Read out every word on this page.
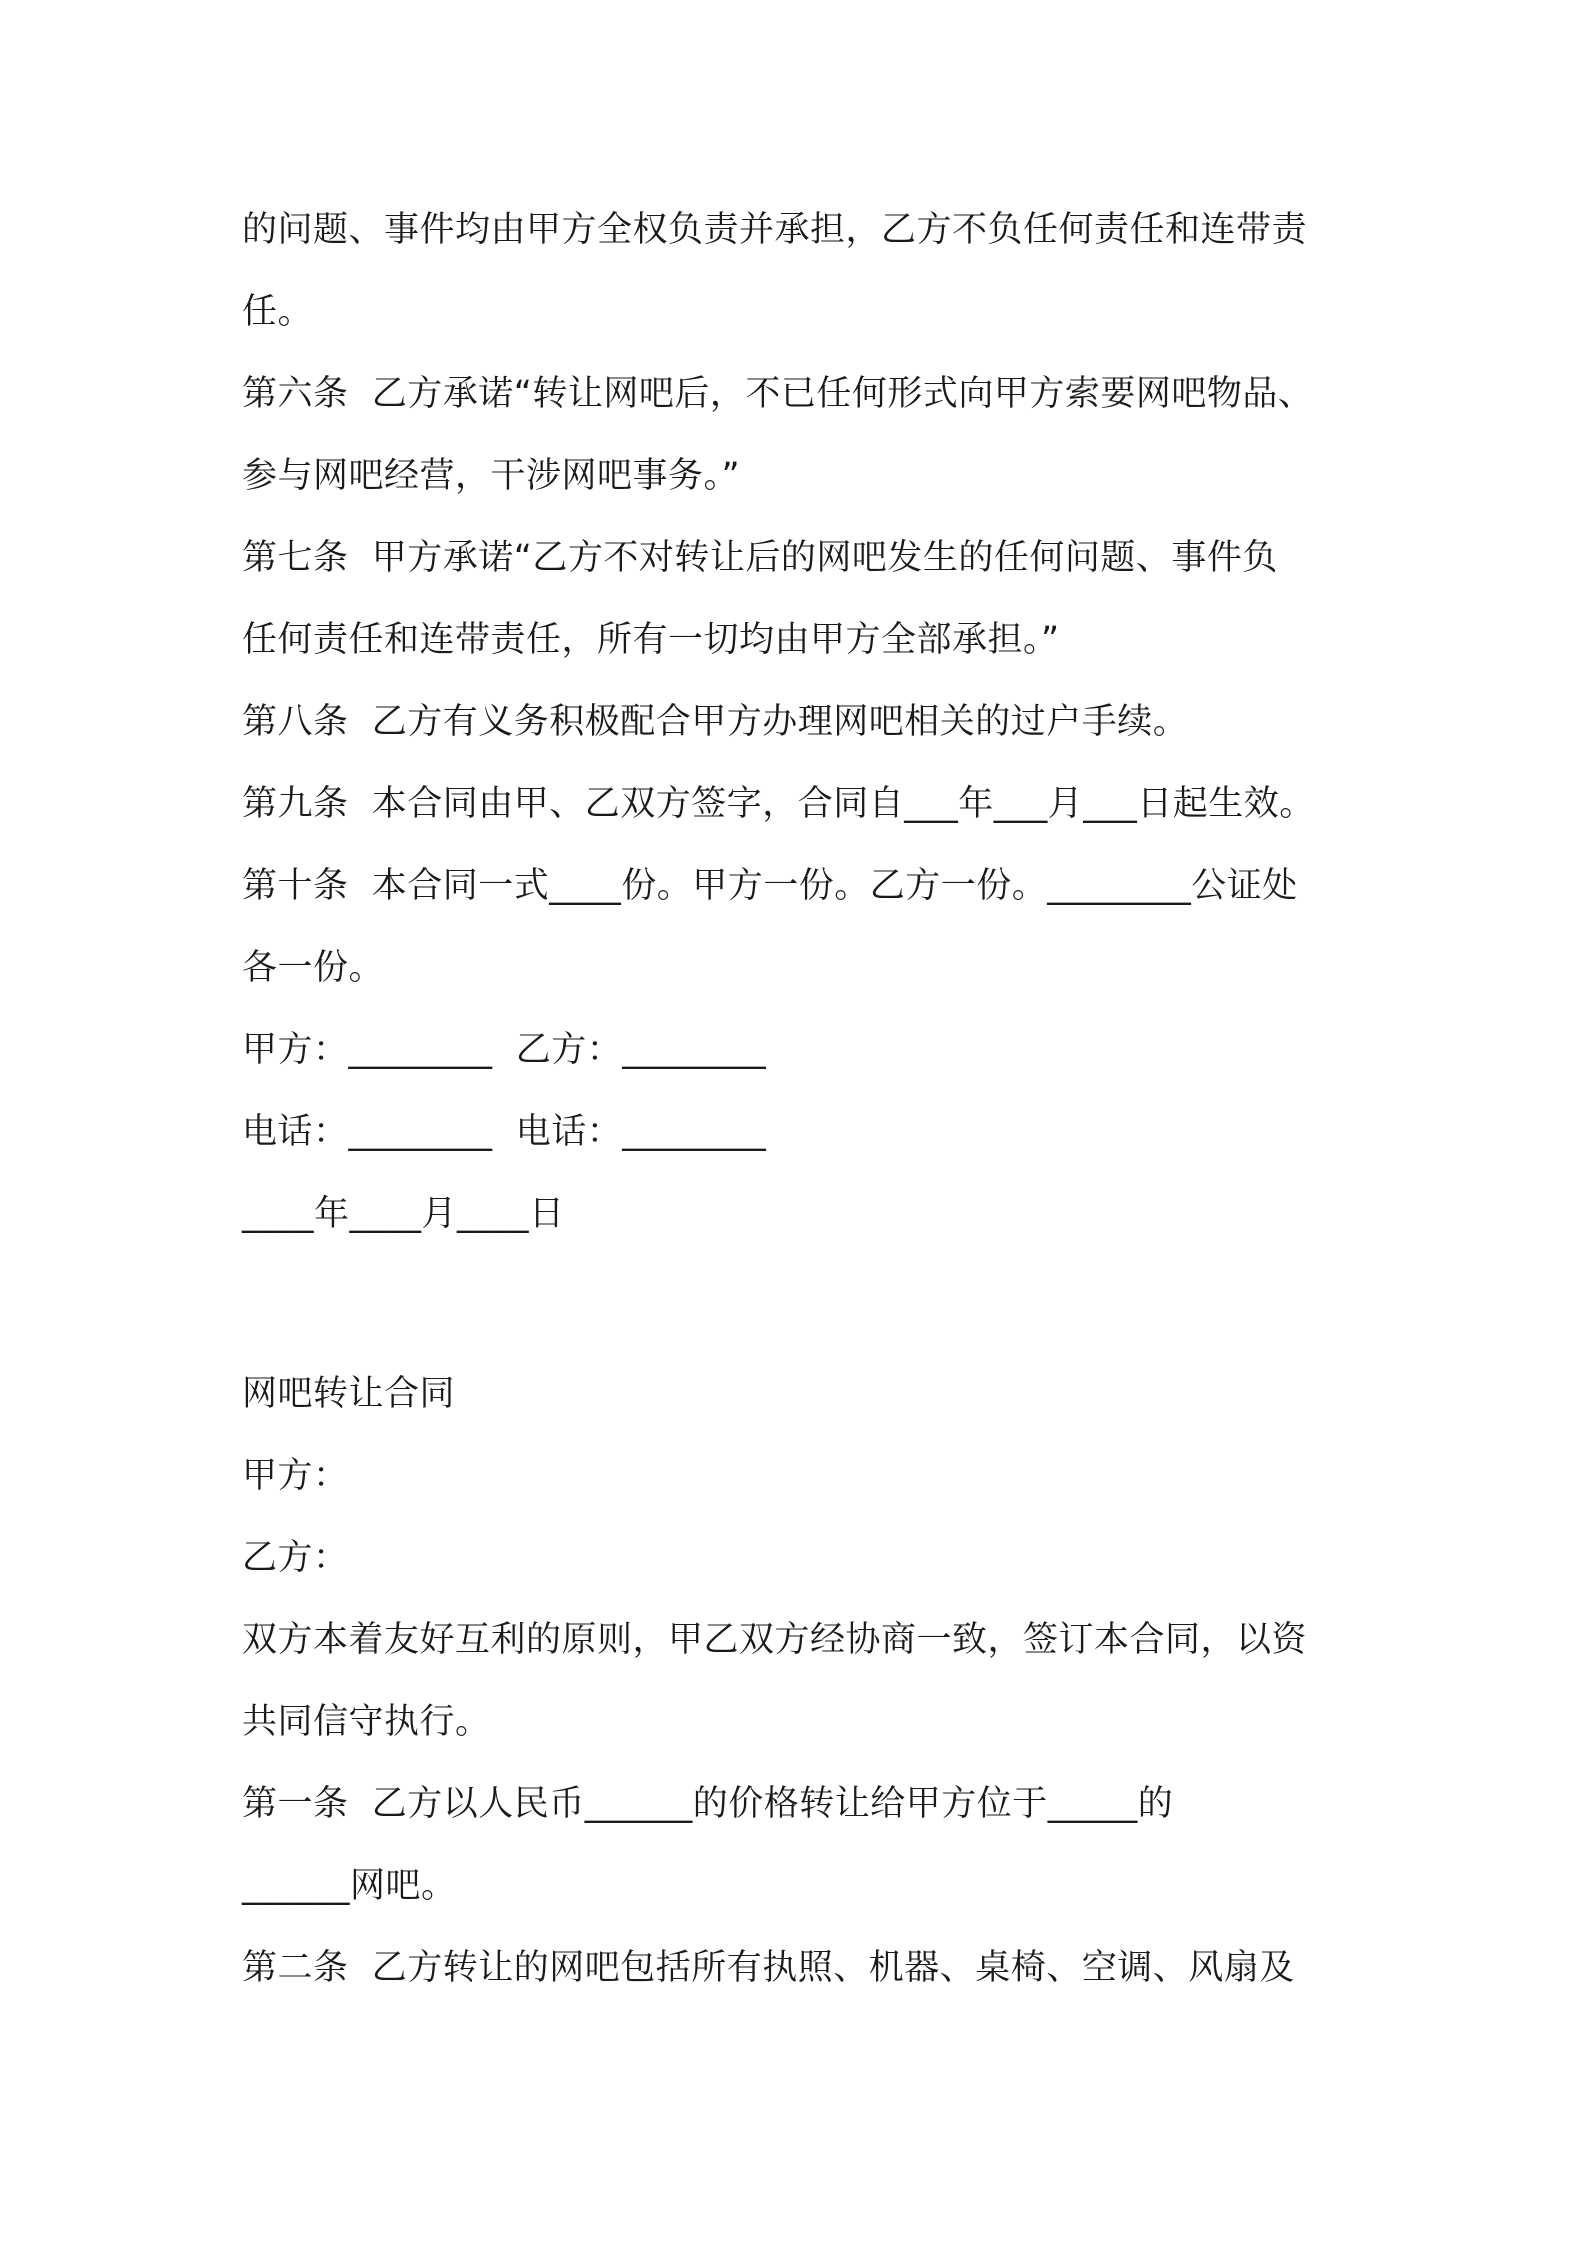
的问题、事件均由甲方全权负责并承担，乙方不负任何责任和连带责
任。
第六条  乙方承诺“转让网吧后，不已任何形式向甲方索要网吧物品、
参与网吧经营，干涉网吧事务。”
第七条  甲方承诺“乙方不对转让后的网吧发生的任何问题、事件负
任何责任和连带责任，所有一切均由甲方全部承担。”
第八条  乙方有义务积极配合甲方办理网吧相关的过户手续。
第九条  本合同由甲、乙双方签字，合同自___年___月___日起生效。
第十条  本合同一式____份。甲方一份。乙方一份。________公证处
各一份。
甲方：________  乙方：________
电话：________  电话：________
____年____月____日
网吧转让合同
甲方：
乙方：
双方本着友好互利的原则，甲乙双方经协商一致，签订本合同，以资
共同信守执行。
第一条  乙方以人民币______的价格转让给甲方位于_____的
______网吧。
第二条  乙方转让的网吧包括所有执照、机器、桌椅、空调、风扇及
